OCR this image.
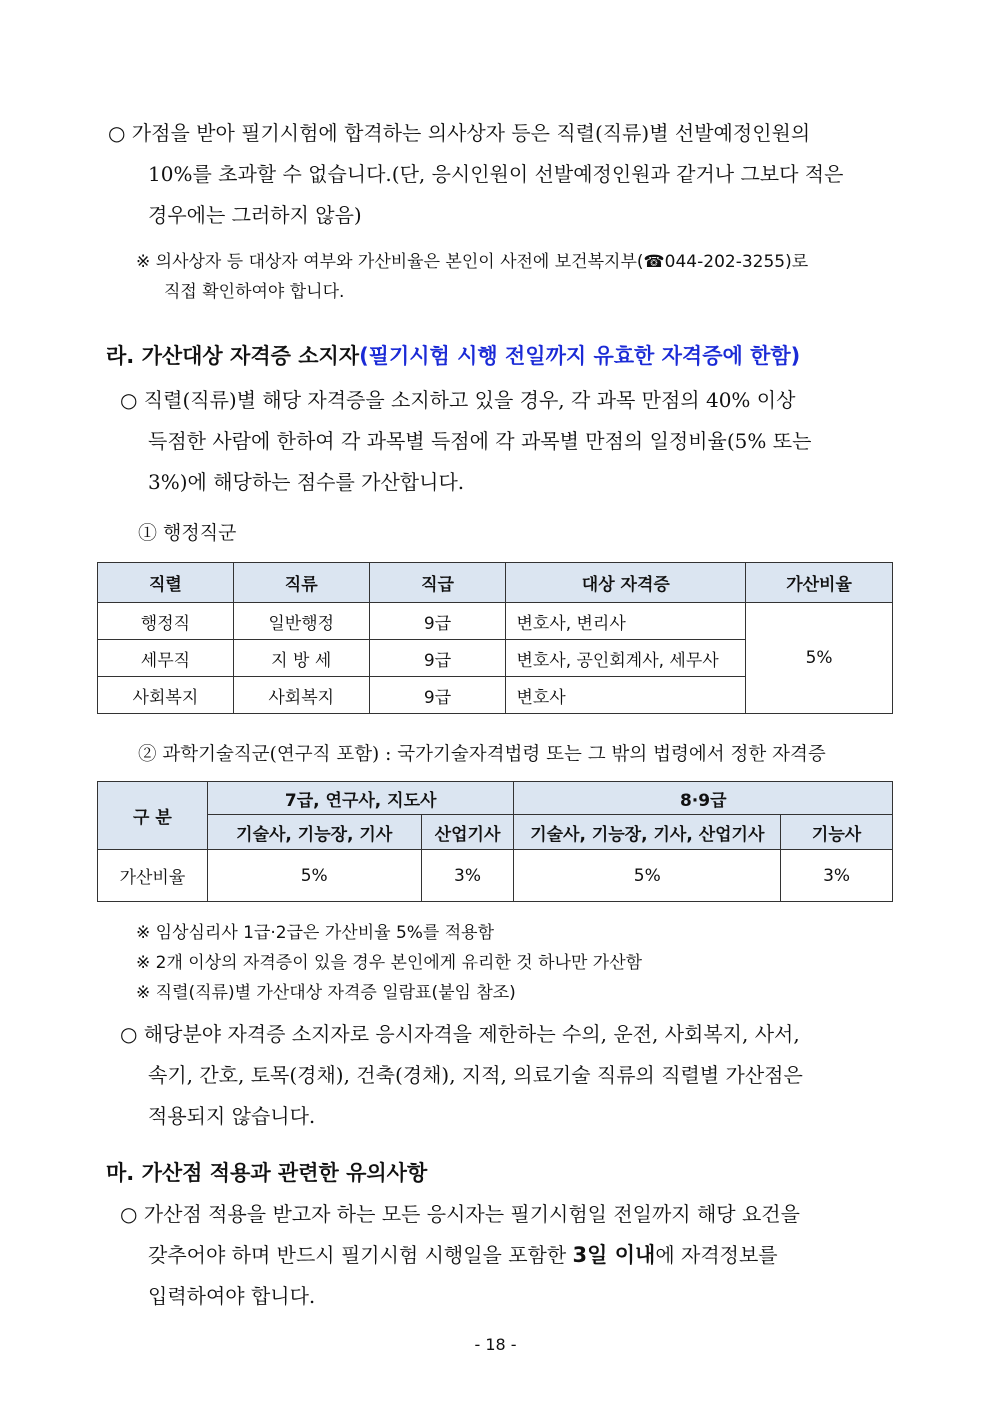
○ 가점을 받아 필기시험에 합격하는 의사상자 등은 직렬(직류)별 선발예정인원의
10%를 초과할 수 없습니다.(단, 응시인원이 선발예정인원과 같거나 그보다 적은
경우에는 그러하지 않음)
※ 의사상자 등 대상자 여부와 가산비율은 본인이 사전에 보건복지부(☎044-202-3255)로
직접 확인하여야 합니다.
라. 가산대상 자격증 소지자(필기시험 시행 전일까지 유효한 자격증에 한함)
○ 직렬(직류)별 해당 자격증을 소지하고 있을 경우, 각 과목 만점의 40% 이상
득점한 사람에 한하여 각 과목별 득점에 각 과목별 만점의 일정비율(5% 또는
3%)에 해당하는 점수를 가산합니다.
① 행정직군
직렬	직류	직급	대상 자격증	가산비율
행정직	일반행정	9급	변호사, 변리사	5%
세무직	지 방 세	9급	변호사, 공인회계사, 세무사	
사회복지	사회복지	9급	변호사	
② 과학기술직군(연구직 포함) : 국가기술자격법령 또는 그 밖의 법령에서 정한 자격증
구 분	7급, 연구사, 지도사		8·9급	
	기술사, 기능장, 기사	산업기사	기술사, 기능장, 기사, 산업기사	기능사
가산비율	5%	3%	5%	3%
※ 임상심리사 1급·2급은 가산비율 5%를 적용함
※ 2개 이상의 자격증이 있을 경우 본인에게 유리한 것 하나만 가산함
※ 직렬(직류)별 가산대상 자격증 일람표(붙임 참조)
○ 해당분야 자격증 소지자로 응시자격을 제한하는 수의, 운전, 사회복지, 사서,
속기, 간호, 토목(경채), 건축(경채), 지적, 의료기술 직류의 직렬별 가산점은
적용되지 않습니다.
마. 가산점 적용과 관련한 유의사항
○ 가산점 적용을 받고자 하는 모든 응시자는 필기시험일 전일까지 해당 요건을
갖추어야 하며 반드시 필기시험 시행일을 포함한 3일 이내에 자격정보를
입력하여야 합니다.
- 18 -
